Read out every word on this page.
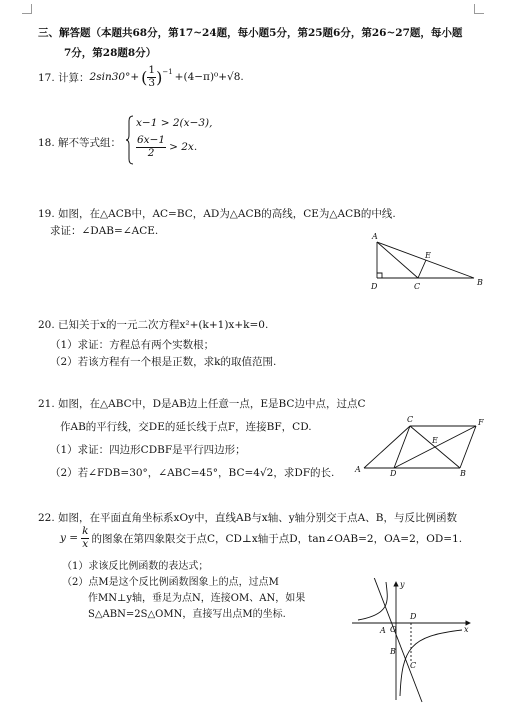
三、解答题（本题共68分，第17~24题，每小题5分，第25题6分，第26~27题，每小题
7分，第28题8分）
17. 计算： 2sin30°+ ( $\frac{1}{3} )^{-1} +(4-\pi)^0+√8$.
18. 解不等式组：
x−1 > 2(x−3),
$\frac{6x-1}{2} > 2x$.
19. 如图，在△ACB中，AC=BC，AD为△ACB的高线，CE为△ACB的中线.
求证：∠DAB=∠ACE.	A
E
D	C	B
20. 已知关于x的一元二次方程x²+(k+1)x+k=0.
（1）求证：方程总有两个实数根；
（2）若该方程有一个根是正数，求k的取值范围.
21. 如图，在△ABC中，D是AB边上任意一点，E是BC边中点，过点C
作AB的平行线，交DE的延长线于点F，连接BF，CD.
（1）求证：四边形CDBF是平行四边形；
（2）若∠FDB=30°，∠ABC=45°，BC=4√2，求DF的长.
C	F
E
A	D	B
22. 如图，在平面直角坐标系xOy中，直线AB与x轴、y轴分别交于点A、B，与反比例函数
$y = \frac{k}{x}$ 的图象在第四象限交于点C，CD⊥x轴于点D，tan∠OAB=2，OA=2，OD=1.
（1）求该反比例函数的表达式；
（2）点M是这个反比例函数图象上的点，过点M
作MN⊥y轴，垂足为点N，连接OM、AN，如果
S△ABN=2S△OMN，直接写出点M的坐标.
y
A O
D
x
B
C
